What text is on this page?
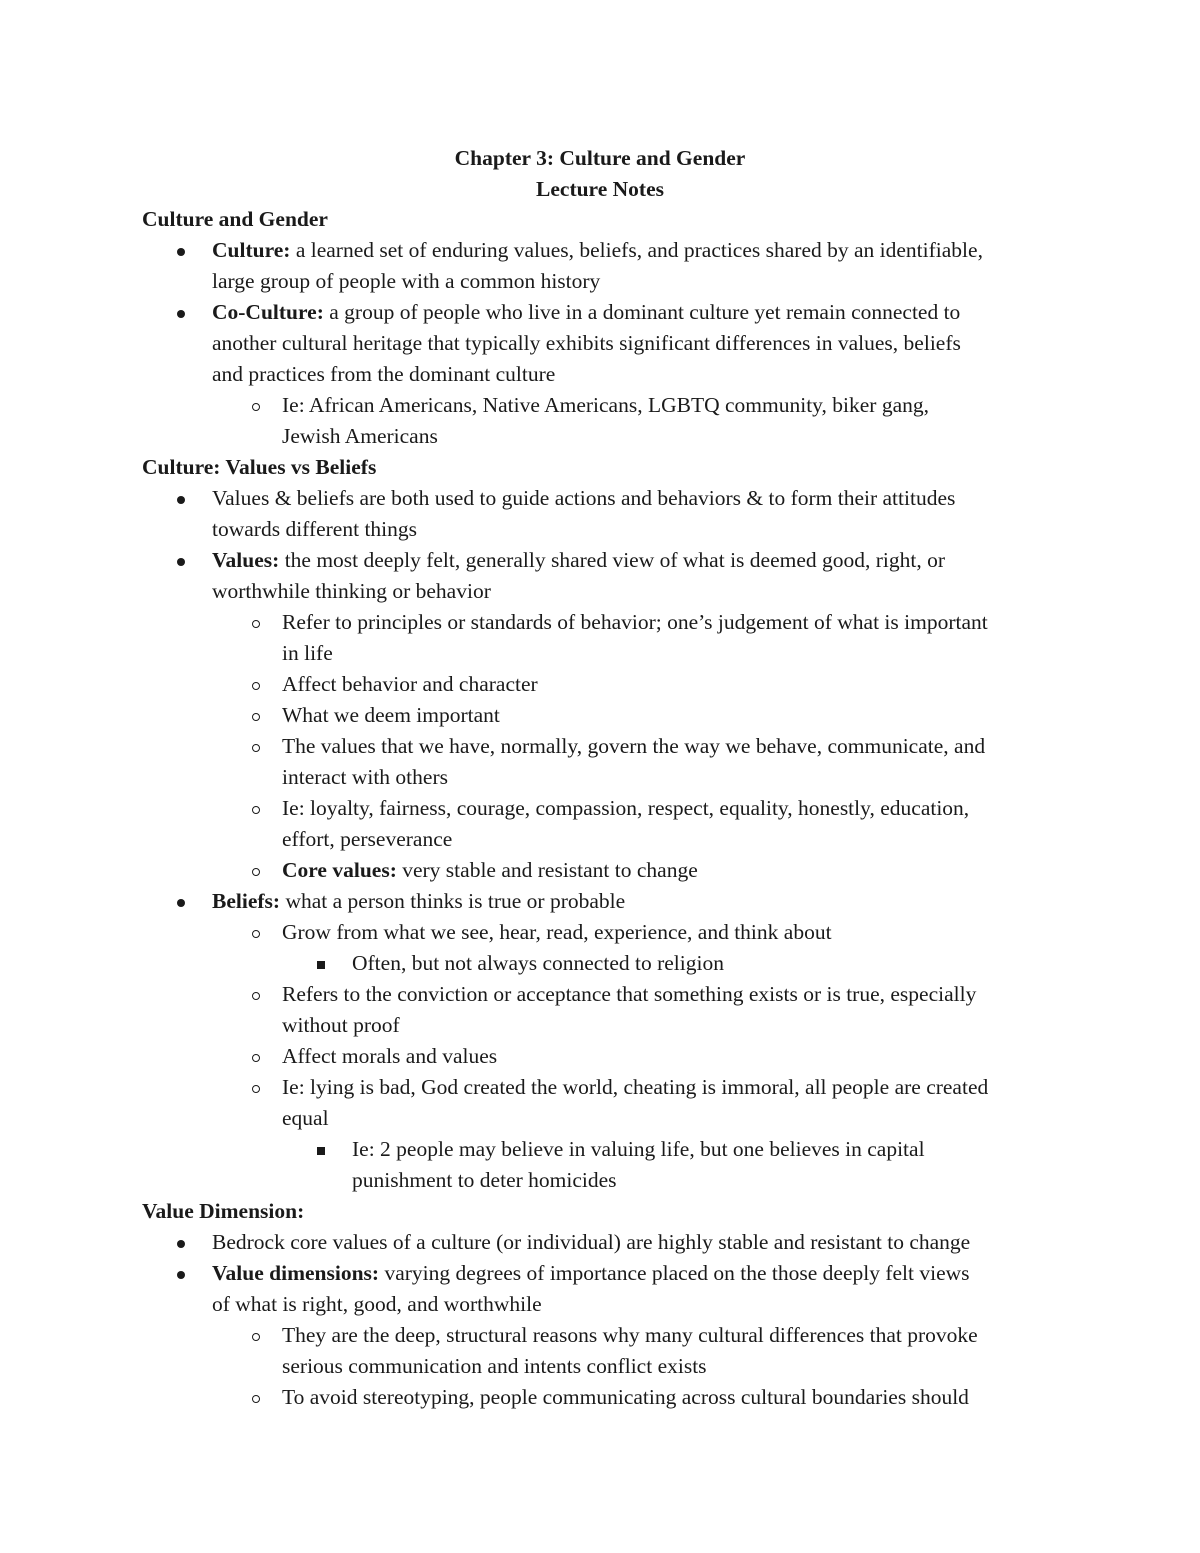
Chapter 3: Culture and Gender
Lecture Notes
Culture and Gender
Culture: a learned set of enduring values, beliefs, and practices shared by an identifiable,
large group of people with a common history
Co-Culture: a group of people who live in a dominant culture yet remain connected to
another cultural heritage that typically exhibits significant differences in values, beliefs
and practices from the dominant culture
Ie: African Americans, Native Americans, LGBTQ community, biker gang,
Jewish Americans
Culture: Values vs Beliefs
Values & beliefs are both used to guide actions and behaviors & to form their attitudes
towards different things
Values: the most deeply felt, generally shared view of what is deemed good, right, or
worthwhile thinking or behavior
Refer to principles or standards of behavior; one’s judgement of what is important
in life
Affect behavior and character
What we deem important
The values that we have, normally, govern the way we behave, communicate, and
interact with others
Ie: loyalty, fairness, courage, compassion, respect, equality, honestly, education,
effort, perseverance
Core values: very stable and resistant to change
Beliefs: what a person thinks is true or probable
Grow from what we see, hear, read, experience, and think about
Often, but not always connected to religion
Refers to the conviction or acceptance that something exists or is true, especially
without proof
Affect morals and values
Ie: lying is bad, God created the world, cheating is immoral, all people are created
equal
Ie: 2 people may believe in valuing life, but one believes in capital
punishment to deter homicides
Value Dimension:
Bedrock core values of a culture (or individual) are highly stable and resistant to change
Value dimensions: varying degrees of importance placed on the those deeply felt views
of what is right, good, and worthwhile
They are the deep, structural reasons why many cultural differences that provoke
serious communication and intents conflict exists
To avoid stereotyping, people communicating across cultural boundaries should
